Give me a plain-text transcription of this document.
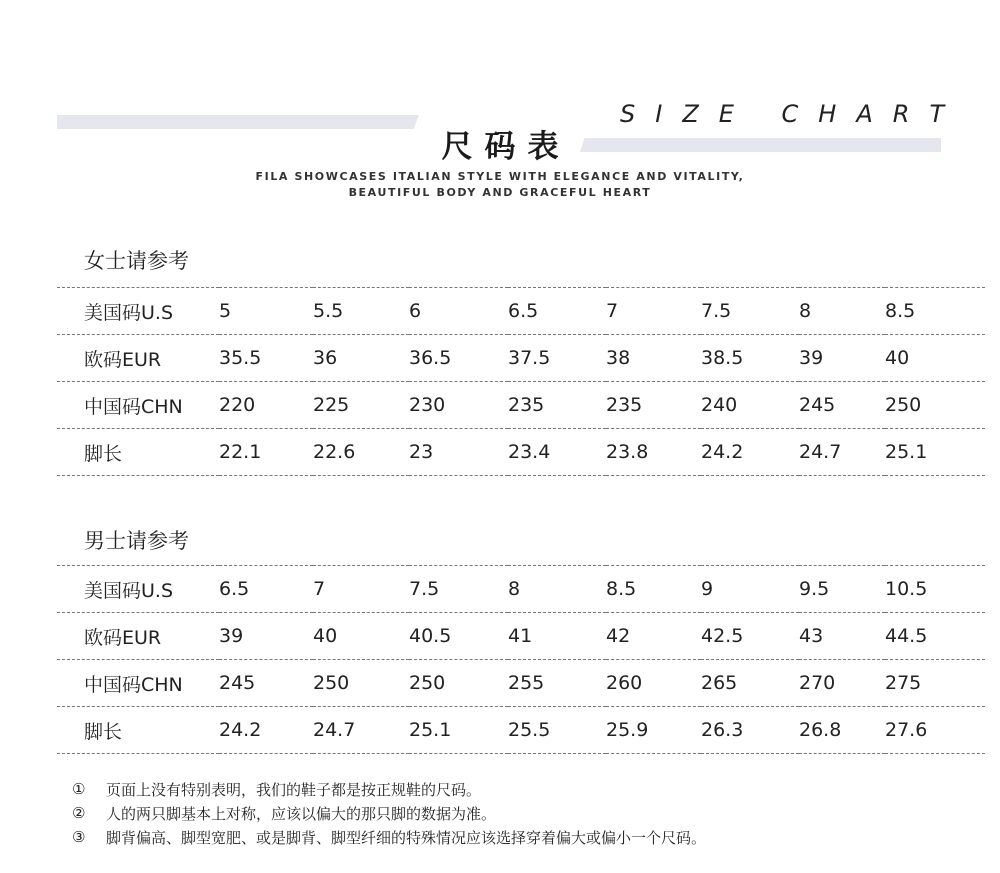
尺码表
SIZE CHART
FILA SHOWCASES ITALIAN STYLE WITH ELEGANCE AND VITALITY,
BEAUTIFUL BODY AND GRACEFUL HEART
女士请参考
美国码U.S	5	5.5	6	6.5	7	7.5	8	8.5
欧码EUR	35.5	36	36.5	37.5	38	38.5	39	40
中国码CHN	220	225	230	235	235	240	245	250
脚长	22.1	22.6	23	23.4	23.8	24.2	24.7	25.1
男士请参考
美国码U.S	6.5	7	7.5	8	8.5	9	9.5	10.5
欧码EUR	39	40	40.5	41	42	42.5	43	44.5
中国码CHN	245	250	250	255	260	265	270	275
脚长	24.2	24.7	25.1	25.5	25.9	26.3	26.8	27.6
①	页面上没有特别表明，我们的鞋子都是按正规鞋的尺码。
②	人的两只脚基本上对称，应该以偏大的那只脚的数据为准。
③	脚背偏高、脚型宽肥、或是脚背、脚型纤细的特殊情况应该选择穿着偏大或偏小一个尺码。
